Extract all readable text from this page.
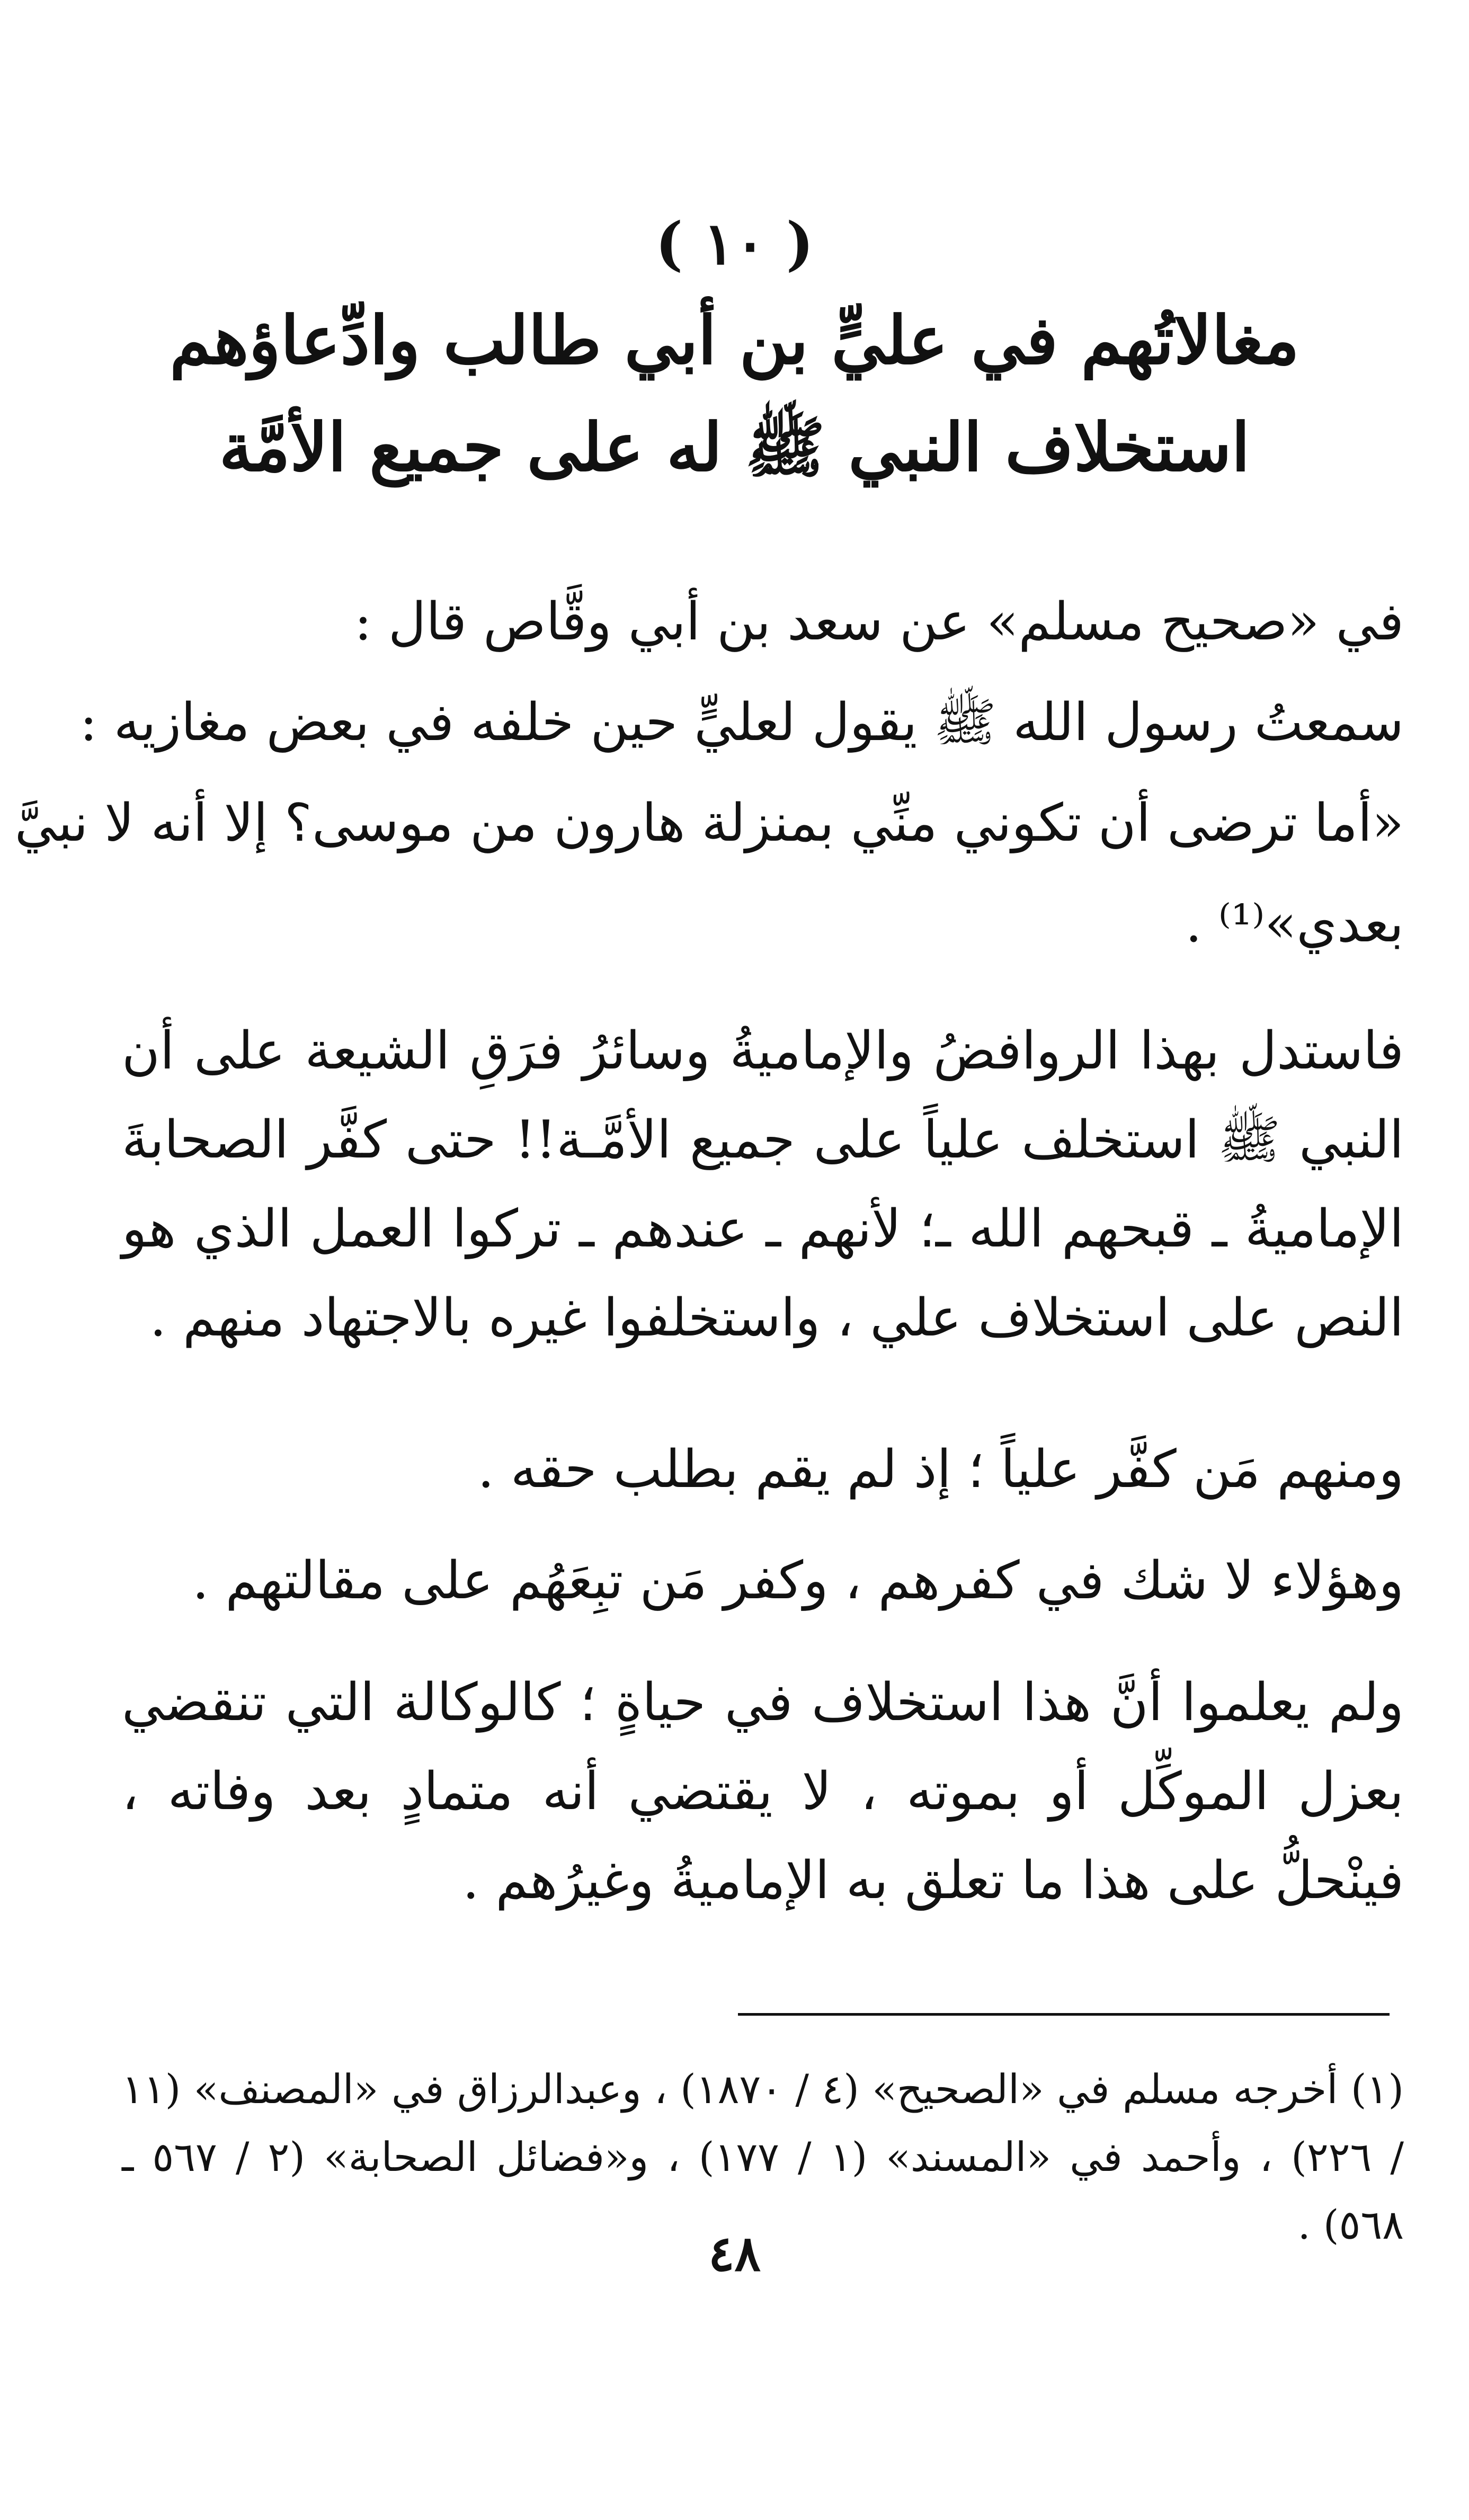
( ١٠ )
مغالاتُهم في عليٍّ بن أبي طالب وادِّعاؤهم
استخلاف النبي ﷺ له على جميع الأمَّة
في «صحيح مسلم» عن سعد بن أبي وقَّاص قال :
سمعتُ رسول الله ﷺ يقول لعليٍّ حين خلفه في بعض مغازيه :
«أما ترضى أن تكوني منِّي بمنزلة هارون من موسى؟ إلا أنه لا نبيَّ
بعدي»⁽¹⁾ .

فاستدل بهذا الروافضُ والإماميةُ وسائرُ فرَقِ الشيعة على أن النبي ﷺ استخلف علياً على جميع الأمَّـة!! حتى كفَّر الصحابةَ الإماميةُ ـ قبحهم الله ـ؛ لأنهم ـ عندهم ـ تركوا العمل الذي هو النص على استخلاف علي ، واستخلفوا غيره بالاجتهاد منهم .

ومنهم مَن كفَّر علياً ؛ إذ لم يقم بطلب حقه .
وهؤلاء لا شك في كفرهم ، وكفر مَن تبِعَهُم على مقالتهم .

ولم يعلموا أنَّ هذا استخلاف في حياةٍ ؛ كالوكالة التي تنقضي بعزل الموكِّل أو بموته ، لا يقتضي أنه متمادٍ بعد وفاته ، فينْحلُّ على هذا ما تعلق به الإماميةُ وغيرُهم .

(١) أخرجه مسلم في «الصحيح» (٤ / ١٨٧٠) ، وعبدالرزاق في «المصنف» (١١ / ٢٢٦) ، وأحمد في «المسند» (١ / ١٧٧) ، و«فضائل الصحابة» (٢ / ٥٦٧ ـ ٥٦٨) .
٤٨
